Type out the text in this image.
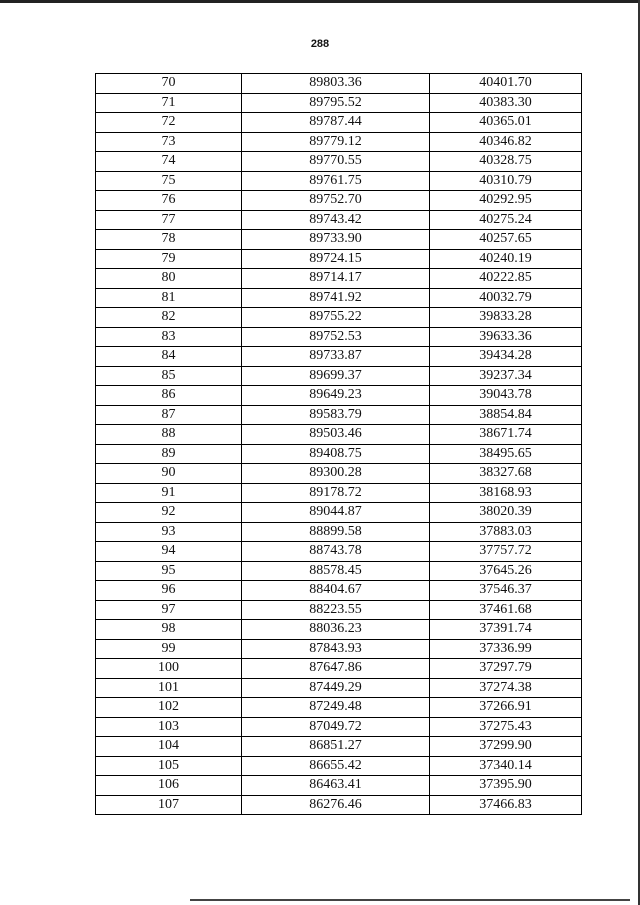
288
70	89803.36	40401.70
71	89795.52	40383.30
72	89787.44	40365.01
73	89779.12	40346.82
74	89770.55	40328.75
75	89761.75	40310.79
76	89752.70	40292.95
77	89743.42	40275.24
78	89733.90	40257.65
79	89724.15	40240.19
80	89714.17	40222.85
81	89741.92	40032.79
82	89755.22	39833.28
83	89752.53	39633.36
84	89733.87	39434.28
85	89699.37	39237.34
86	89649.23	39043.78
87	89583.79	38854.84
88	89503.46	38671.74
89	89408.75	38495.65
90	89300.28	38327.68
91	89178.72	38168.93
92	89044.87	38020.39
93	88899.58	37883.03
94	88743.78	37757.72
95	88578.45	37645.26
96	88404.67	37546.37
97	88223.55	37461.68
98	88036.23	37391.74
99	87843.93	37336.99
100	87647.86	37297.79
101	87449.29	37274.38
102	87249.48	37266.91
103	87049.72	37275.43
104	86851.27	37299.90
105	86655.42	37340.14
106	86463.41	37395.90
107	86276.46	37466.83
